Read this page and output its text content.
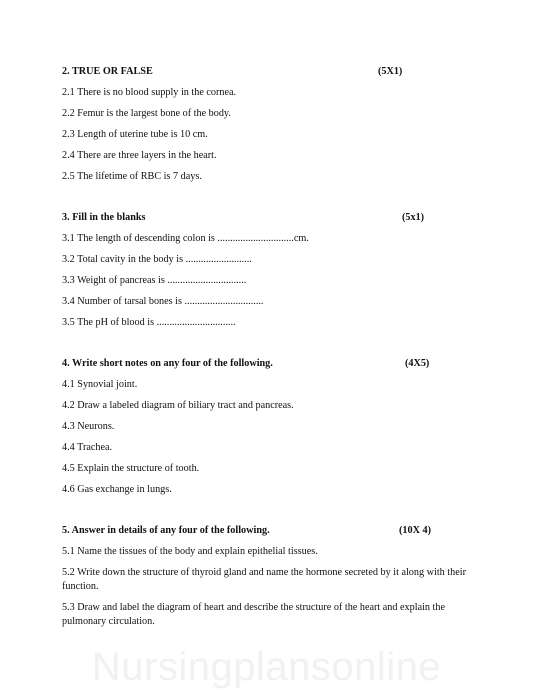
2. TRUE OR FALSE	(5X1)
2.1 There is no blood supply in the cornea.
2.2 Femur is the largest bone of the body.
2.3 Length of uterine tube is 10 cm.
2.4 There are three layers in the heart.
2.5 The lifetime of RBC is 7 days.
3. Fill in the blanks	(5x1)
3.1 The length of descending colon is ..............................cm.
3.2 Total cavity in the body is ..........................
3.3 Weight of pancreas is ...............................
3.4 Number of tarsal bones is ...............................
3.5 The pH of blood is ...............................
4. Write short notes on any four of the following.	(4X5)
4.1 Synovial joint.
4.2 Draw a labeled diagram of biliary tract and pancreas.
4.3 Neurons.
4.4 Trachea.
4.5 Explain the structure of tooth.
4.6 Gas exchange in lungs.
5. Answer in details of any four of the following.	(10X 4)
5.1 Name the tissues of the body and explain epithelial tissues.
5.2 Write down the structure of thyroid gland and name the hormone secreted by it along with their function.
5.3 Draw and label the diagram of heart and describe the structure of the heart and explain the pulmonary circulation.
Nursingplansonline
